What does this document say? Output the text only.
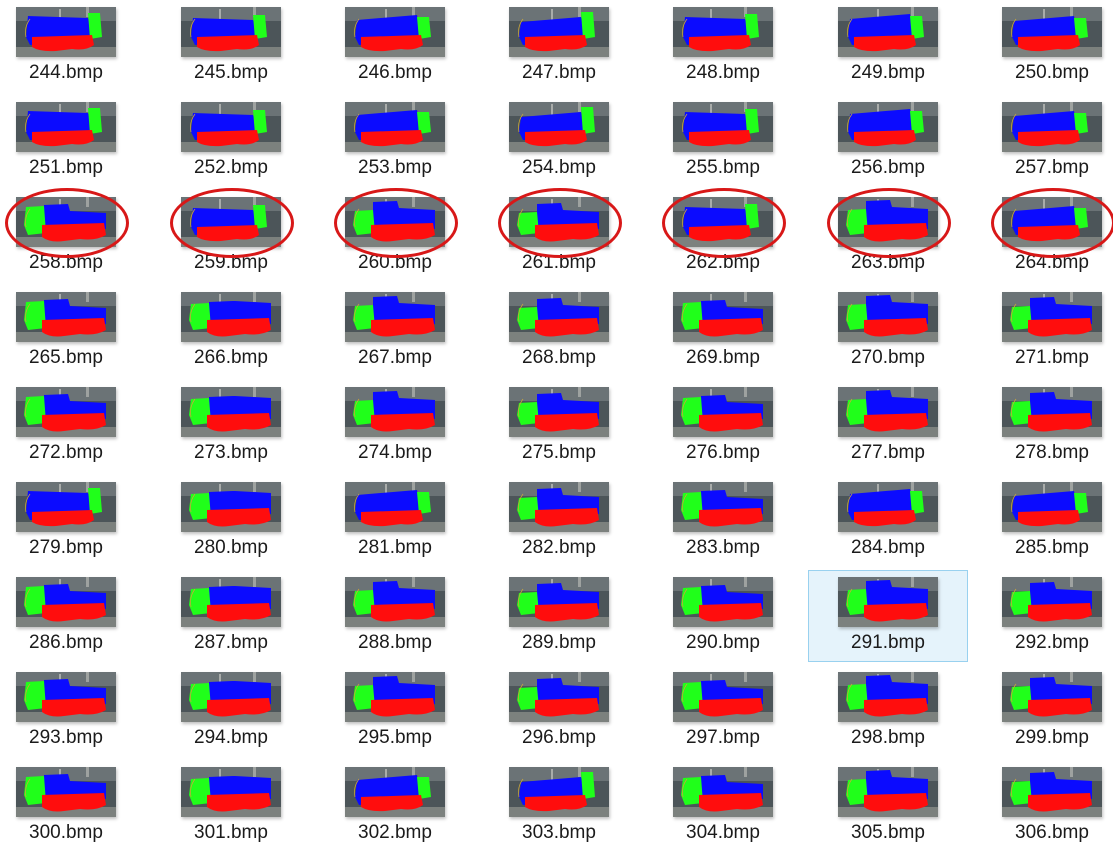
244.bmp	245.bmp	246.bmp	247.bmp	248.bmp	249.bmp	250.bmp
251.bmp	252.bmp	253.bmp	254.bmp	255.bmp	256.bmp	257.bmp
258.bmp	259.bmp	260.bmp	261.bmp	262.bmp	263.bmp	264.bmp
265.bmp	266.bmp	267.bmp	268.bmp	269.bmp	270.bmp	271.bmp
272.bmp	273.bmp	274.bmp	275.bmp	276.bmp	277.bmp	278.bmp
279.bmp	280.bmp	281.bmp	282.bmp	283.bmp	284.bmp	285.bmp
286.bmp	287.bmp	288.bmp	289.bmp	290.bmp	291.bmp	292.bmp
293.bmp	294.bmp	295.bmp	296.bmp	297.bmp	298.bmp	299.bmp
300.bmp	301.bmp	302.bmp	303.bmp	304.bmp	305.bmp	306.bmp
